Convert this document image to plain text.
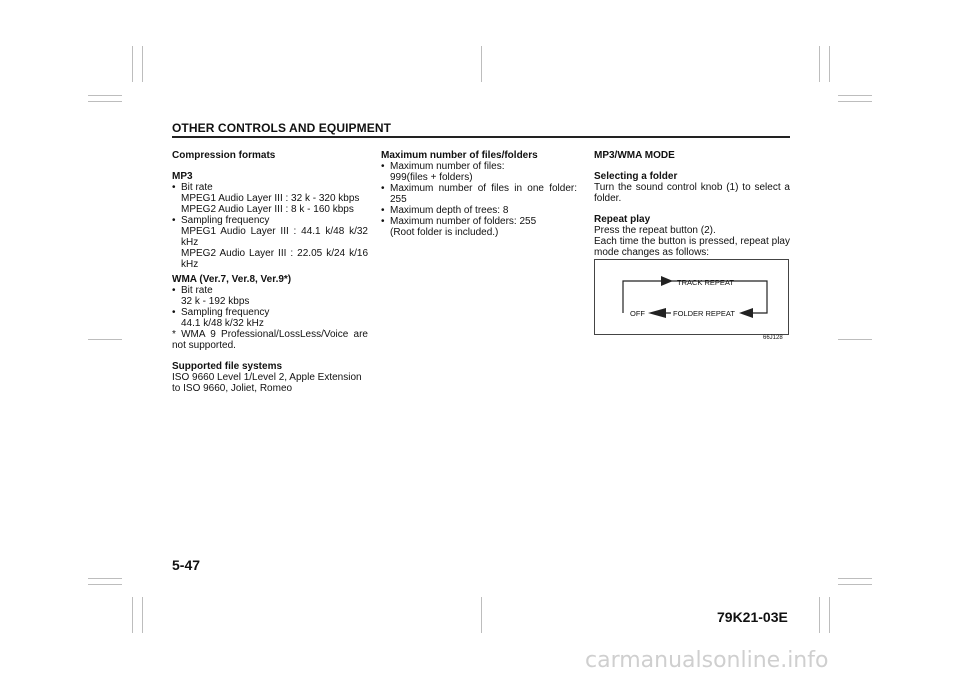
OTHER CONTROLS AND EQUIPMENT

Compression formats

MP3

• Bit rate
MPEG1 Audio Layer III : 32 k - 320 kbps
MPEG2 Audio Layer III : 8 k - 160 kbps
• Sampling frequency
MPEG1 Audio Layer III : 44.1 k/48 k/32 kHz
MPEG2 Audio Layer III : 22.05 k/24 k/16 kHz

WMA (Ver.7, Ver.8, Ver.9*)

• Bit rate
32 k - 192 kbps
• Sampling frequency
44.1 k/48 k/32 kHz

* WMA 9 Professional/LossLess/Voice are not supported.

Supported file systems

ISO 9660 Level 1/Level 2, Apple Extension to ISO 9660, Joliet, Romeo

Maximum number of files/folders

• Maximum number of files:
999(files + folders)
• Maximum number of files in one folder: 255
• Maximum depth of trees: 8
• Maximum number of folders: 255
(Root folder is included.)

MP3/WMA MODE

Selecting a folder

Turn the sound control knob (1) to select a folder.

Repeat play

Press the repeat button (2).

Each time the button is pressed, repeat play mode changes as follows:

TRACK REPEAT
OFF	FOLDER REPEAT
66J128
5-47
79K21-03E
carmanualsonline.info
